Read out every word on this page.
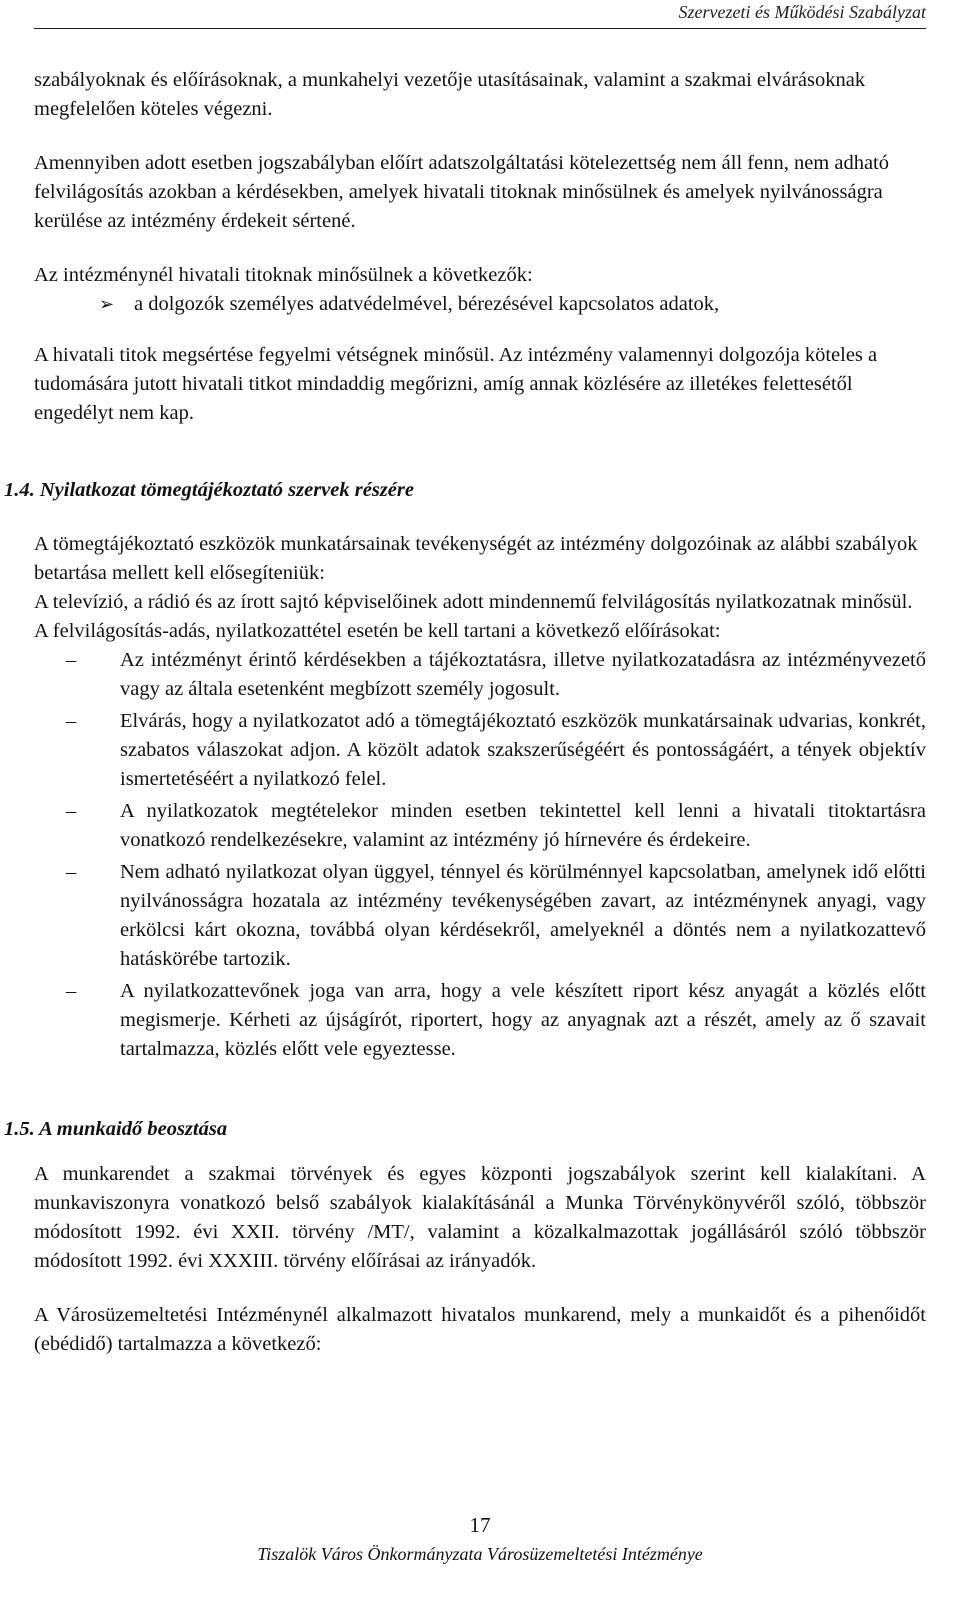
Szervezeti és Működési Szabályzat

szabályoknak és előírásoknak, a munkahelyi vezetője utasításainak, valamint a szakmai elvárásoknak megfelelően köteles végezni.

Amennyiben adott esetben jogszabályban előírt adatszolgáltatási kötelezettség nem áll fenn, nem adható felvilágosítás azokban a kérdésekben, amelyek hivatali titoknak minősülnek és amelyek nyilvánosságra kerülése az intézmény érdekeit sértené.

Az intézménynél hivatali titoknak minősülnek a következők:

➢ a dolgozók személyes adatvédelmével, bérezésével kapcsolatos adatok,

A hivatali titok megsértése fegyelmi vétségnek minősül. Az intézmény valamennyi dolgozója köteles a tudomására jutott hivatali titkot mindaddig megőrizni, amíg annak közlésére az illetékes felettesétől engedélyt nem kap.

1.4. Nyilatkozat tömegtájékoztató szervek részére

A tömegtájékoztató eszközök munkatársainak tevékenységét az intézmény dolgozóinak az alábbi szabályok betartása mellett kell elősegíteniük:

A televízió, a rádió és az írott sajtó képviselőinek adott mindennemű felvilágosítás nyilatkozatnak minősül.

A felvilágosítás-adás, nyilatkozattétel esetén be kell tartani a következő előírásokat:

– Az intézményt érintő kérdésekben a tájékoztatásra, illetve nyilatkozatadásra az intézményvezető vagy az általa esetenként megbízott személy jogosult.
– Elvárás, hogy a nyilatkozatot adó a tömegtájékoztató eszközök munkatársainak udvarias, konkrét, szabatos válaszokat adjon. A közölt adatok szakszerűségéért és pontosságáért, a tények objektív ismertetéséért a nyilatkozó felel.
– A nyilatkozatok megtételekor minden esetben tekintettel kell lenni a hivatali titoktartásra vonatkozó rendelkezésekre, valamint az intézmény jó hírnevére és érdekeire.
– Nem adható nyilatkozat olyan üggyel, ténnyel és körülménnyel kapcsolatban, amelynek idő előtti nyilvánosságra hozatala az intézmény tevékenységében zavart, az intézménynek anyagi, vagy erkölcsi kárt okozna, továbbá olyan kérdésekről, amelyeknél a döntés nem a nyilatkozattevő hatáskörébe tartozik.
– A nyilatkozattevőnek joga van arra, hogy a vele készített riport kész anyagát a közlés előtt megismerje. Kérheti az újságírót, riportert, hogy az anyagnak azt a részét, amely az ő szavait tartalmazza, közlés előtt vele egyeztesse.

1.5. A munkaidő beosztása

A munkarendet a szakmai törvények és egyes központi jogszabályok szerint kell kialakítani. A munkaviszonyra vonatkozó belső szabályok kialakításánál a Munka Törvénykönyvéről szóló, többször módosított 1992. évi XXII. törvény /MT/, valamint a közalkalmazottak jogállásáról szóló többször módosított 1992. évi XXXIII. törvény előírásai az irányadók.

A Városüzemeltetési Intézménynél alkalmazott hivatalos munkarend, mely a munkaidőt és a pihenőidőt (ebédidő) tartalmazza a következő:

17
Tiszalök Város Önkormányzata Városüzemeltetési Intézménye
